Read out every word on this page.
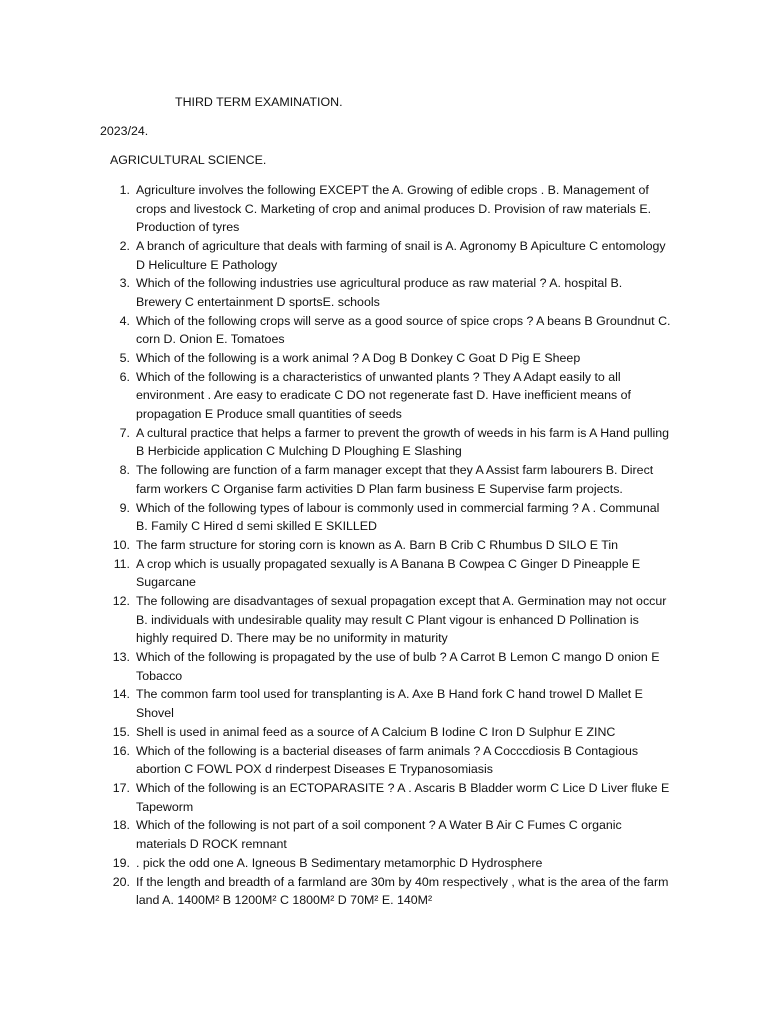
THIRD TERM EXAMINATION.
2023/24.
AGRICULTURAL SCIENCE.
1. Agriculture involves the following EXCEPT the A. Growing of edible crops . B. Management of crops and livestock C. Marketing of crop and animal produces D. Provision of raw materials E. Production of tyres
2. A branch of agriculture that deals with farming of snail is A. Agronomy B Apiculture C entomology D Heliculture E Pathology
3. Which of the following industries use agricultural produce as raw material ? A. hospital B. Brewery C entertainment D sportsE. schools
4. Which of the following crops will serve as a good source of spice crops ? A beans B Groundnut C. corn D. Onion E. Tomatoes
5. Which of the following is a work animal ? A Dog B Donkey C Goat D Pig E Sheep
6. Which of the following is a characteristics of unwanted plants ? They A Adapt easily to all environment . Are easy to eradicate C DO not regenerate fast D. Have inefficient means of propagation E Produce small quantities of seeds
7. A cultural practice that helps a farmer to prevent the growth of weeds in his farm is A Hand pulling B Herbicide application C Mulching D Ploughing E Slashing
8. The following are function of a farm manager except that they A Assist farm labourers B. Direct farm workers C Organise farm activities D Plan farm business E Supervise farm projects.
9. Which of the following types of labour is commonly used in commercial farming ? A . Communal B. Family C Hired d semi skilled E SKILLED
10. The farm structure for storing corn is known as A. Barn B Crib C Rhumbus D SILO E Tin
11. A crop which is usually propagated sexually is A Banana B Cowpea C Ginger D Pineapple E Sugarcane
12. The following are disadvantages of sexual propagation except that A. Germination may not occur B. individuals with undesirable quality may result C Plant vigour is enhanced D Pollination is highly required D. There may be no uniformity in maturity
13. Which of the following is propagated by the use of bulb ? A Carrot B Lemon C mango D onion E Tobacco
14. The common farm tool used for transplanting is A. Axe B Hand fork C hand trowel D Mallet E Shovel
15. Shell is used in animal feed as a source of A Calcium B Iodine C Iron D Sulphur E ZINC
16. Which of the following is a bacterial diseases of farm animals ? A Cocccdiosis B Contagious abortion C FOWL POX d rinderpest Diseases E Trypanosomiasis
17. Which of the following is an ECTOPARASITE ? A . Ascaris B Bladder worm C Lice D Liver fluke E Tapeworm
18. Which of the following is not part of a soil component ? A Water B Air C Fumes C organic materials D ROCK remnant
19. . pick the odd one A. Igneous B Sedimentary metamorphic D Hydrosphere
20. If the length and breadth of a farmland are 30m by 40m respectively , what is the area of the farm land A. 1400M² B 1200M² C 1800M² D 70M² E. 140M²
